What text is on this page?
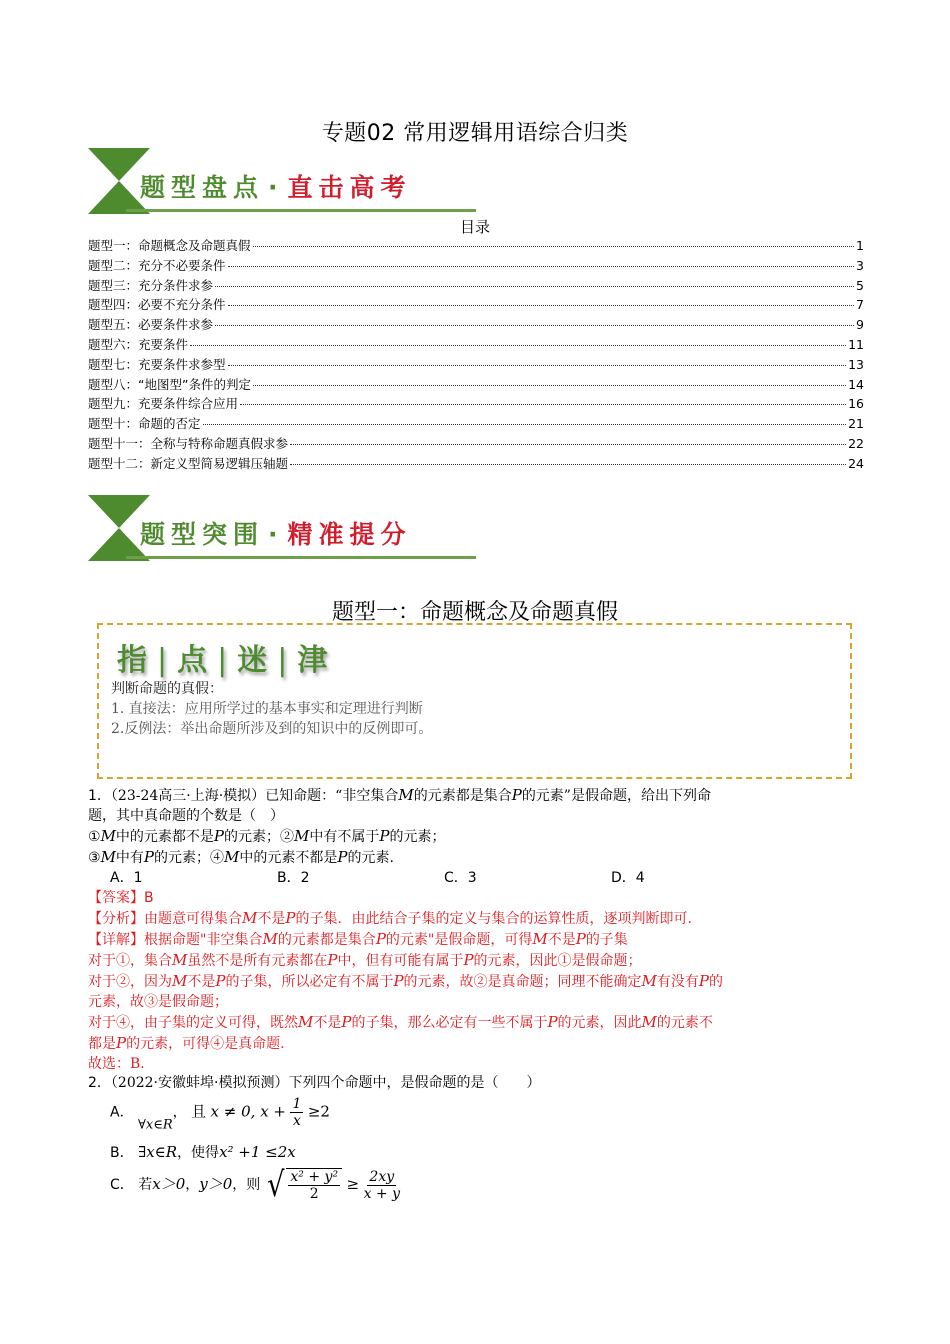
专题02 常用逻辑用语综合归类
题型盘点 · 直击高考
目录
题型一：命题概念及命题真假	1
题型二：充分不必要条件	3
题型三：充分条件求参	5
题型四：必要不充分条件	7
题型五：必要条件求参	9
题型六：充要条件	11
题型七：充要条件求参型	13
题型八：“地图型”条件的判定	14
题型九：充要条件综合应用	16
题型十：命题的否定	21
题型十一：全称与特称命题真假求参	22
题型十二：新定义型简易逻辑压轴题	24
题型突围 · 精准提分
题型一：命题概念及命题真假
指 | 点 | 迷 | 津
判断命题的真假：
1. 直接法：应用所学过的基本事实和定理进行判断
2.反例法：举出命题所涉及到的知识中的反例即可。
1．（23-24高三·上海·模拟）已知命题：“非空集合M的元素都是集合P的元素”是假命题，给出下列命
题，其中真命题的个数是（　）
①M中的元素都不是P的元素；②M中有不属于P的元素；
③M中有P的元素；④M中的元素不都是P的元素.
A．1	B．2	C．3	D．4
【答案】B
【分析】由题意可得集合M不是P的子集．由此结合子集的定义与集合的运算性质，逐项判断即可.
【详解】根据命题"非空集合M的元素都是集合P的元素"是假命题，可得M不是P的子集
对于①，集合M虽然不是所有元素都在P中，但有可能有属于P的元素，因此①是假命题；
对于②，因为M不是P的子集，所以必定有不属于P的元素，故②是真命题；同理不能确定M有没有P的
元素，故③是假命题；
对于④，由子集的定义可得，既然M不是P的子集，那么必定有一些不属于P的元素，因此M的元素不
都是P的元素，可得④是真命题.
故选：B.
2．（2022·安徽蚌埠·模拟预测）下列四个命题中，是假命题的是（　　）
A． ∀x∈R， 且 x ≠ 0, $x + \frac{1}{x} \ge 2$
B． ∃x∈R，使得x² +1 ≤2x
C． 若x＞0，y＞0，则 √ $\frac{\text{x² + y²}}{2} \ge \frac{2xy}{x + y}$
